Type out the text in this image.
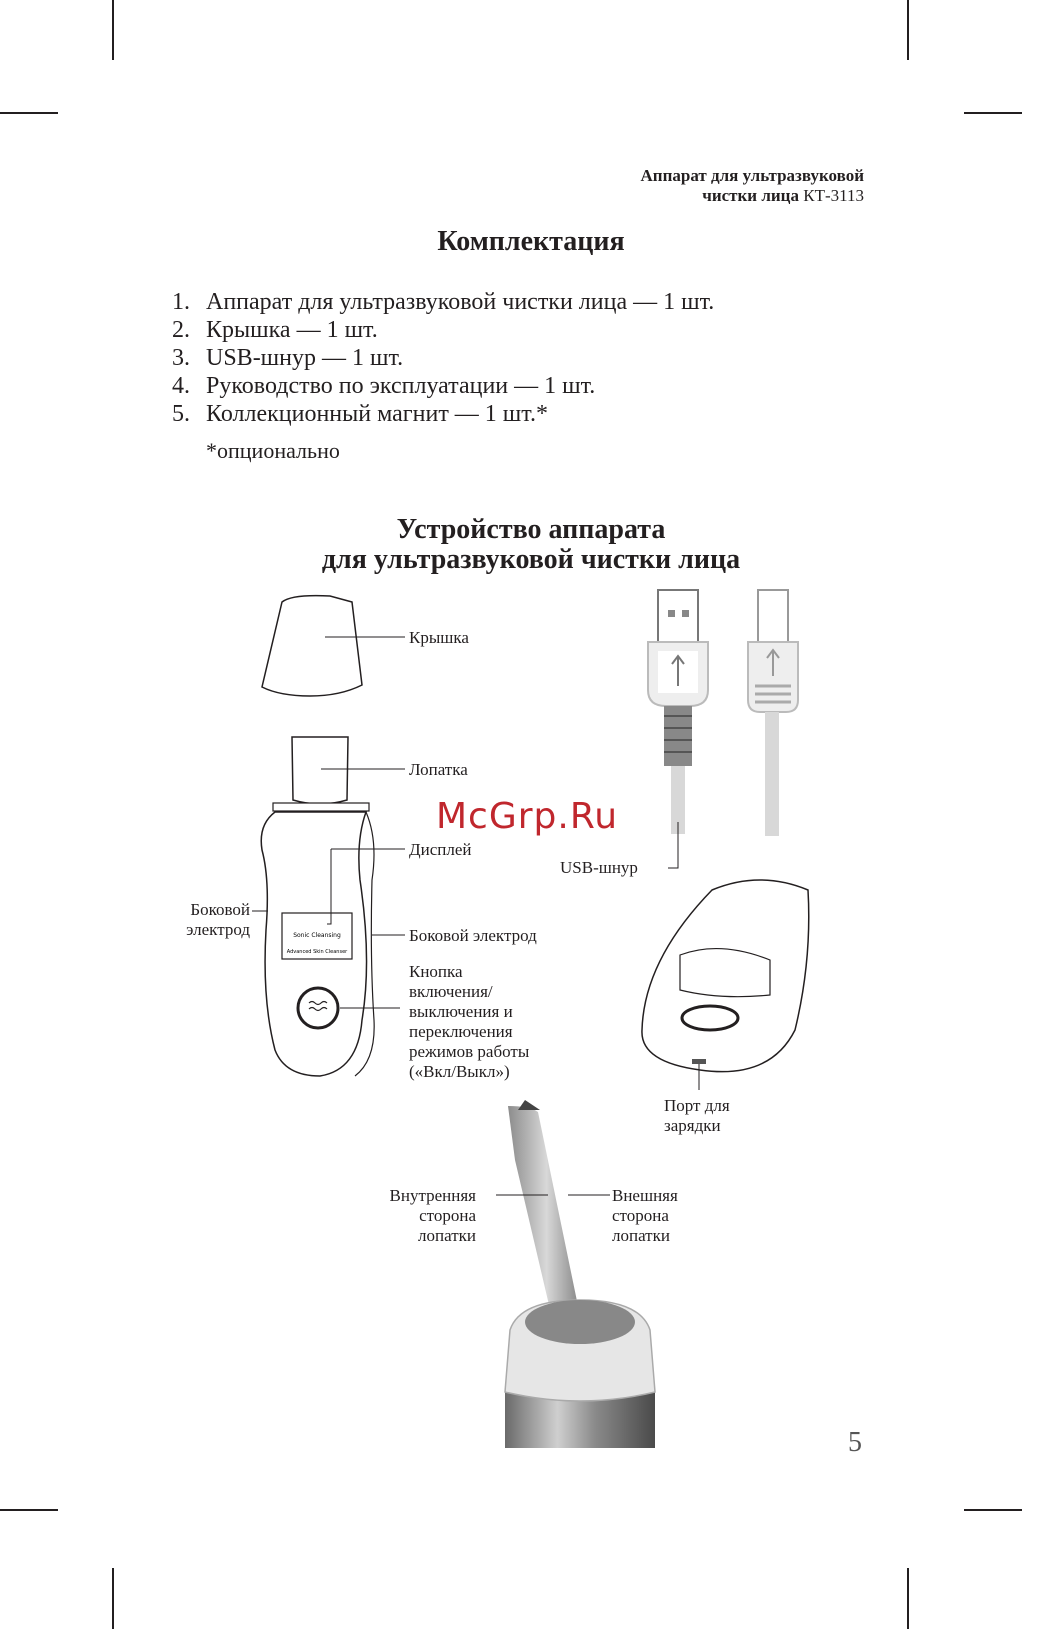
Аппарат для ультразвуковой
чистки лица КТ-3113
Комплектация
1. Аппарат для ультразвуковой чистки лица — 1 шт.
2. Крышка — 1 шт.
3. USB-шнур — 1 шт.
4. Руководство по эксплуатации — 1 шт.
5. Коллекционный магнит — 1 шт.*
*опционально
Устройство аппарата
для ультразвуковой чистки лица
Sonic Cleansing
Advanced Skin Cleanser
Крышка
Лопатка
Дисплей
Боковой
электрод	Боковой электрод
Кнопка
включения/
выключения и
переключения
режимов работы
(«Вкл/Выкл»)
USB-шнур
Порт для
зарядки
Внутренняя
сторона
лопатки
Внешняя
сторона
лопатки
McGrp.Ru
5
